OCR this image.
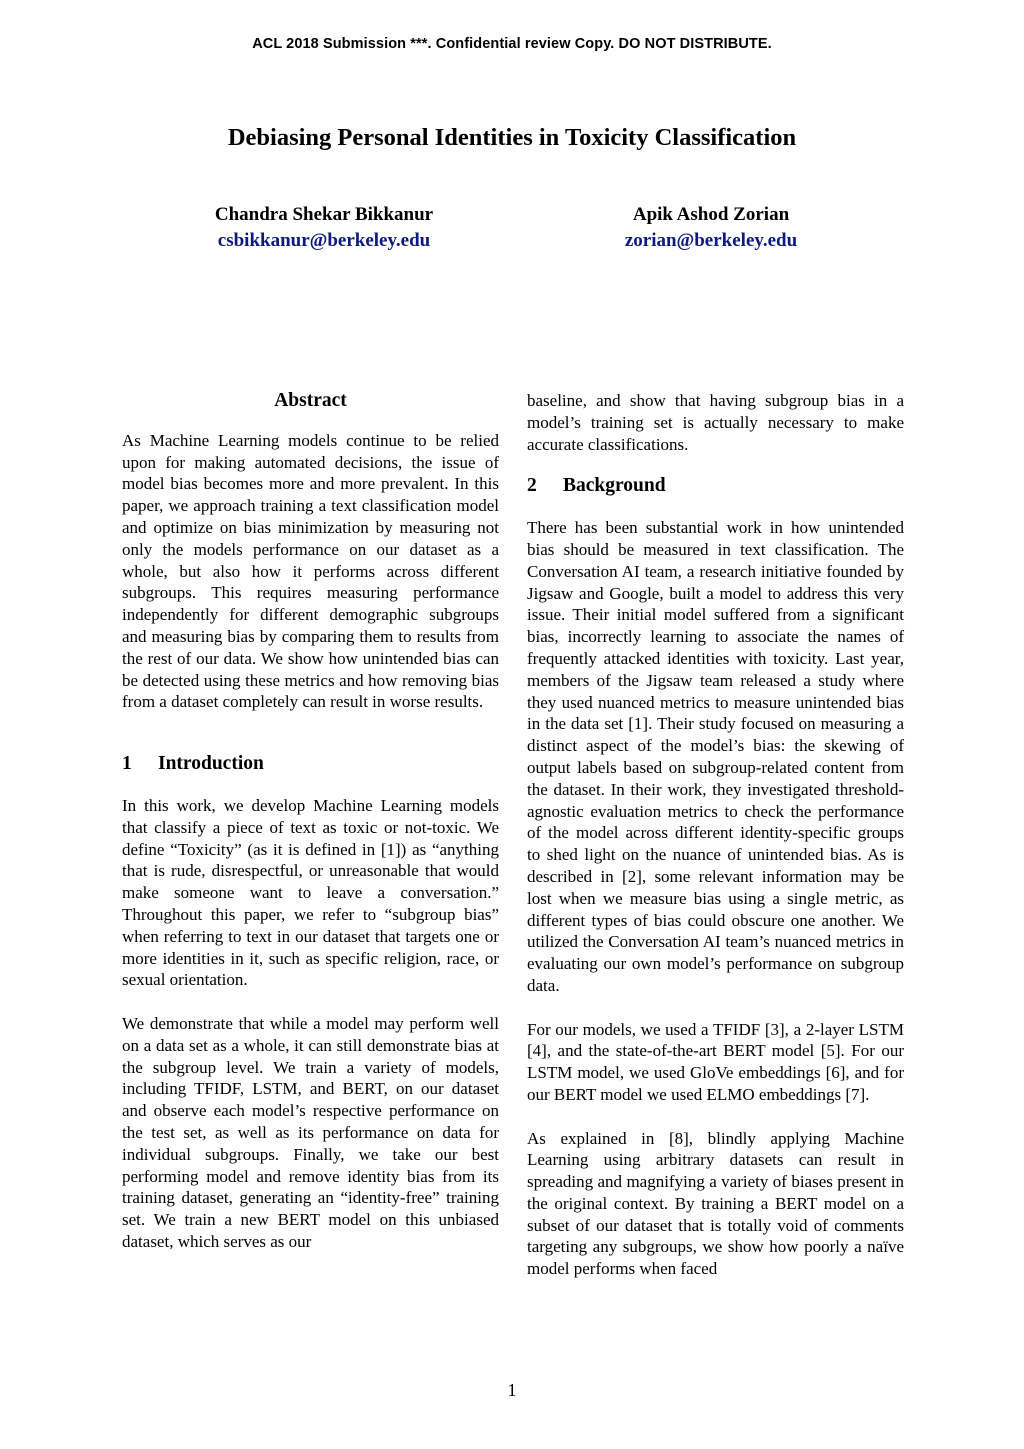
ACL 2018 Submission ***. Confidential review Copy. DO NOT DISTRIBUTE.
Debiasing Personal Identities in Toxicity Classification
Chandra Shekar Bikkanur
csbikkanur@berkeley.edu
Apik Ashod Zorian
zorian@berkeley.edu
Abstract

As Machine Learning models continue to be relied upon for making automated decisions, the issue of model bias becomes more and more prevalent. In this paper, we approach training a text classification model and optimize on bias minimization by measuring not only the models performance on our dataset as a whole, but also how it performs across different subgroups. This requires measuring performance independently for different demographic subgroups and measuring bias by comparing them to results from the rest of our data. We show how unintended bias can be detected using these metrics and how removing bias from a dataset completely can result in worse results.

1	Introduction

In this work, we develop Machine Learning models that classify a piece of text as toxic or not-toxic. We define “Toxicity” (as it is defined in [1]) as “anything that is rude, disrespectful, or unreasonable that would make someone want to leave a conversation.” Throughout this paper, we refer to “subgroup bias” when referring to text in our dataset that targets one or more identities in it, such as specific religion, race, or sexual orientation.

We demonstrate that while a model may perform well on a data set as a whole, it can still demonstrate bias at the subgroup level. We train a variety of models, including TFIDF, LSTM, and BERT, on our dataset and observe each model’s respective performance on the test set, as well as its performance on data for individual subgroups. Finally, we take our best performing model and remove identity bias from its training dataset, generating an “identity-free” training set. We train a new BERT model on this unbiased dataset, which serves as our

baseline, and show that having subgroup bias in a model’s training set is actually necessary to make accurate classifications.

2	Background

There has been substantial work in how unintended bias should be measured in text classification. The Conversation AI team, a research initiative founded by Jigsaw and Google, built a model to address this very issue. Their initial model suffered from a significant bias, incorrectly learning to associate the names of frequently attacked identities with toxicity. Last year, members of the Jigsaw team released a study where they used nuanced metrics to measure unintended bias in the data set [1]. Their study focused on measuring a distinct aspect of the model’s bias: the skewing of output labels based on subgroup-related content from the dataset. In their work, they investigated threshold-agnostic evaluation metrics to check the performance of the model across different identity-specific groups to shed light on the nuance of unintended bias. As is described in [2], some relevant information may be lost when we measure bias using a single metric, as different types of bias could obscure one another. We utilized the Conversation AI team’s nuanced metrics in evaluating our own model’s performance on subgroup data.

For our models, we used a TFIDF [3], a 2-layer LSTM [4], and the state-of-the-art BERT model [5]. For our LSTM model, we used GloVe embeddings [6], and for our BERT model we used ELMO embeddings [7].

As explained in [8], blindly applying Machine Learning using arbitrary datasets can result in spreading and magnifying a variety of biases present in the original context. By training a BERT model on a subset of our dataset that is totally void of comments targeting any subgroups, we show how poorly a naïve model performs when faced

1
